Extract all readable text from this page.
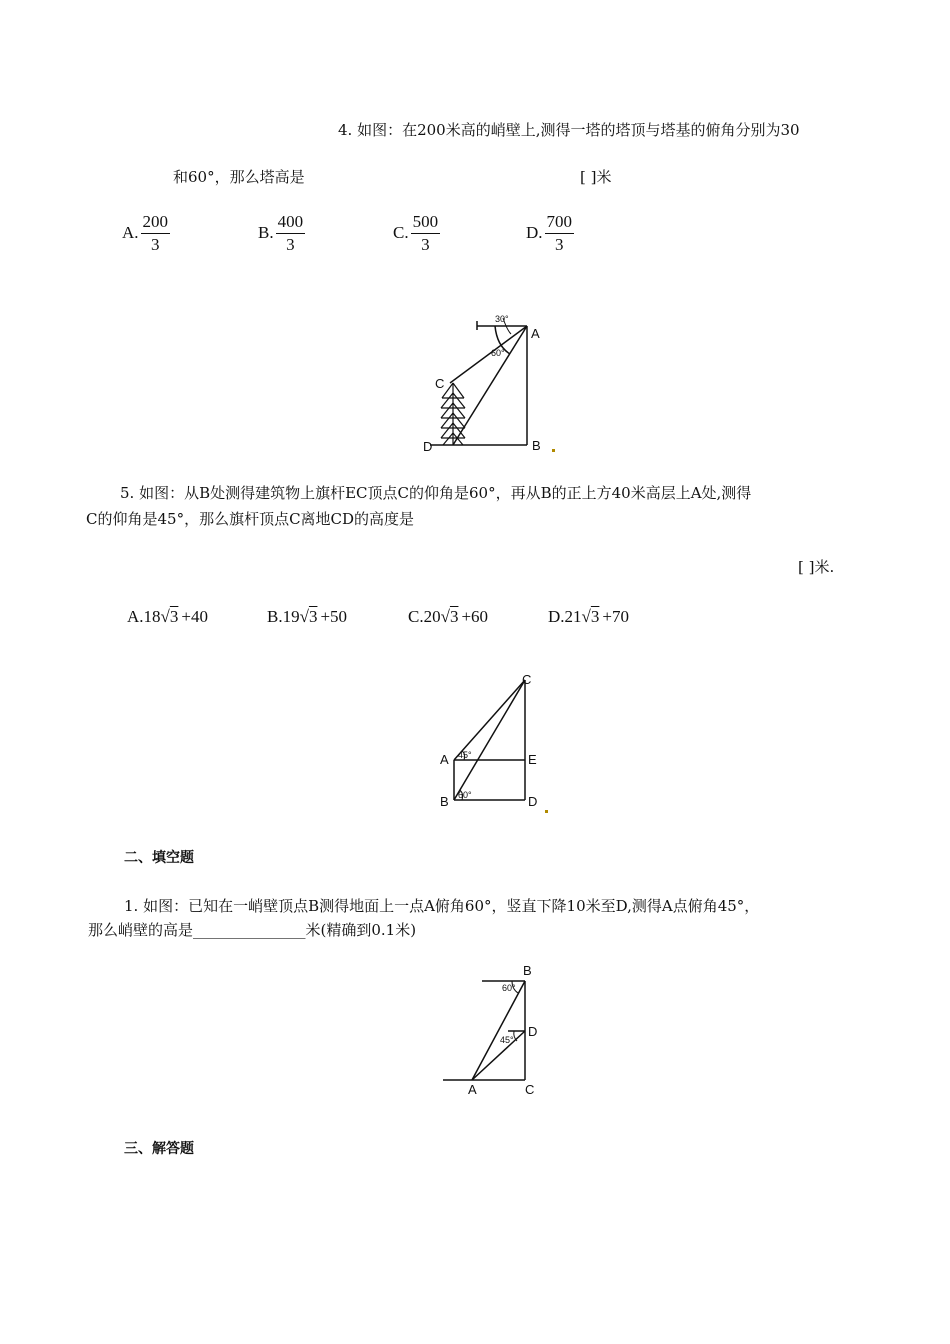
4. 如图：在200米高的峭壁上,测得一塔的塔顶与塔基的俯角分别为30
和60°，那么塔高是	[ ]米
A. $\frac{200}{3}$	B. $\frac{400}{3}$	C. $\frac{500}{3}$	D. $\frac{700}{3}$
30°
60°
A
B
C
D
5. 如图：从B处测得建筑物上旗杆EC顶点C的仰角是60°，再从B的正上方40米高层上A处,测得
C的仰角是45°，那么旗杆顶点C离地CD的高度是
[ ]米.
A.18√3 +40	B.19√3 +50	C.20√3 +60	D.21√3 +70
45°
60°
C
A	E
B	D
二、填空题
1. 如图：已知在一峭壁顶点B测得地面上一点A俯角60°，竖直下降10米至D,测得A点俯角45°，
那么峭壁的高是_______________米(精确到0.1米)
60°
45°
B
D
C
A
三、解答题
